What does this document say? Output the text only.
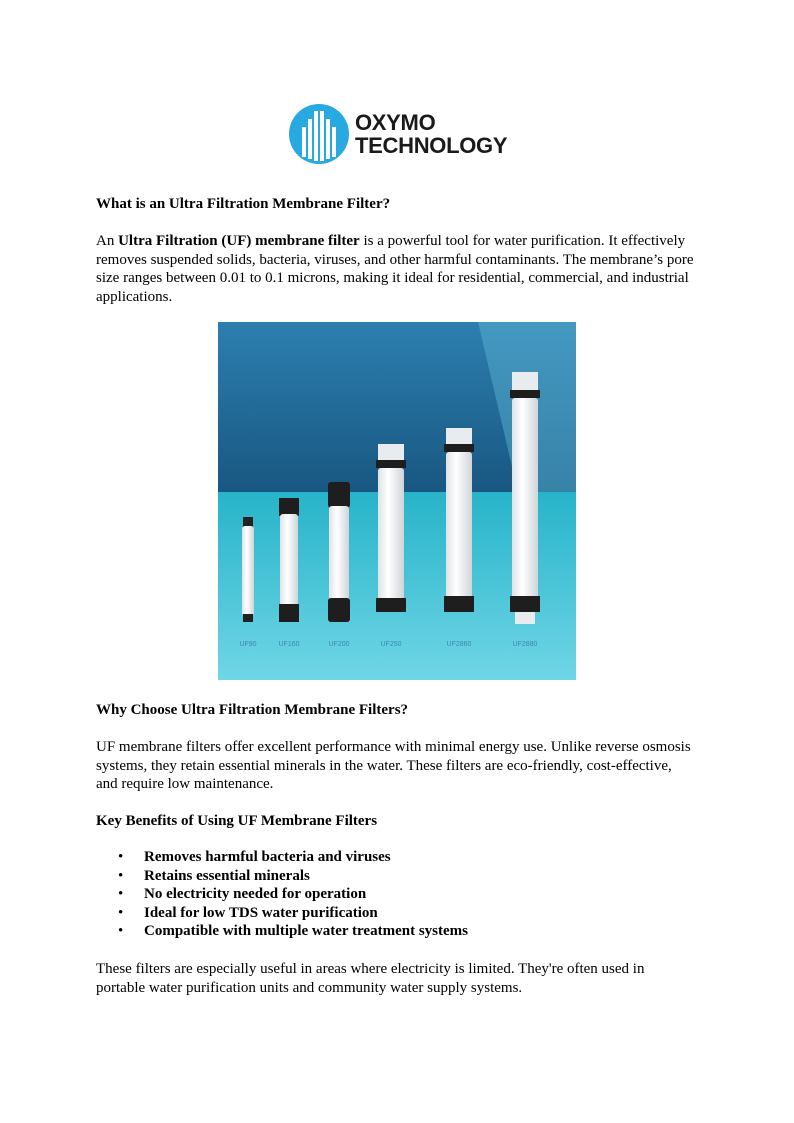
OXYMO
TECHNOLOGY
What is an Ultra Filtration Membrane Filter?
An Ultra Filtration (UF) membrane filter is a powerful tool for water purification. It effectively removes suspended solids, bacteria, viruses, and other harmful contaminants. The membrane’s pore size ranges between 0.01 to 0.1 microns, making it ideal for residential, commercial, and industrial applications.
UF90	UF160	UF200	UF250	UF2860	UF2880
Why Choose Ultra Filtration Membrane Filters?
UF membrane filters offer excellent performance with minimal energy use. Unlike reverse osmosis systems, they retain essential minerals in the water. These filters are eco-friendly, cost-effective, and require low maintenance.
Key Benefits of Using UF Membrane Filters
• Removes harmful bacteria and viruses
• Retains essential minerals
• No electricity needed for operation
• Ideal for low TDS water purification
• Compatible with multiple water treatment systems
These filters are especially useful in areas where electricity is limited. They're often used in portable water purification units and community water supply systems.
